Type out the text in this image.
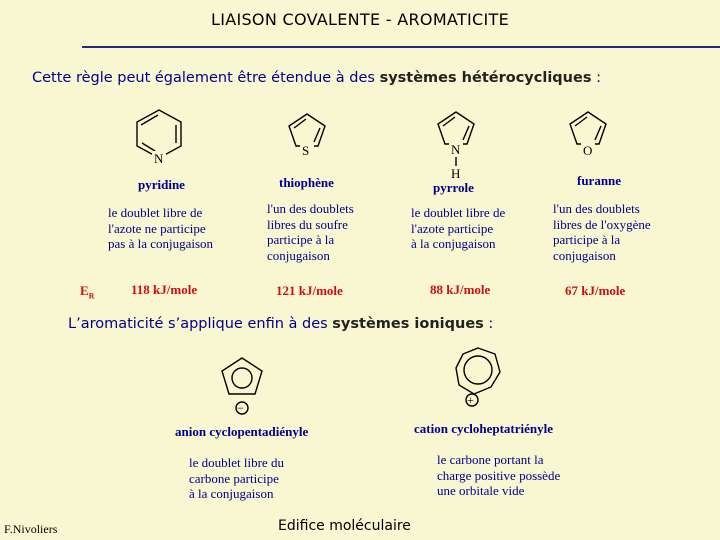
LIAISON COVALENTE - AROMATICITE
Cette règle peut également être étendue à des systèmes hétérocycliques :
N
S	N
H
O
pyridine	thiophène	pyrrole	furanne
le doublet libre de
l'azote ne participe
pas à la conjugaison
l'un des doublets
libres du soufre
participe à la
conjugaison
le doublet libre de
l'azote participe
à la conjugaison
l'un des doublets
libres de l'oxygène
participe à la
conjugaison
$E_R$	118 kJ/mole	121 kJ/mole	88 kJ/mole	67 kJ/mole
L’aromaticité s’applique enfin à des systèmes ioniques :
−
+
anion cyclopentadiényle	cation cycloheptatriényle
le doublet libre du
carbone participe
à la conjugaison
le carbone portant la
charge positive possède
une orbitale vide
F.Nivoliers	Edifice moléculaire
